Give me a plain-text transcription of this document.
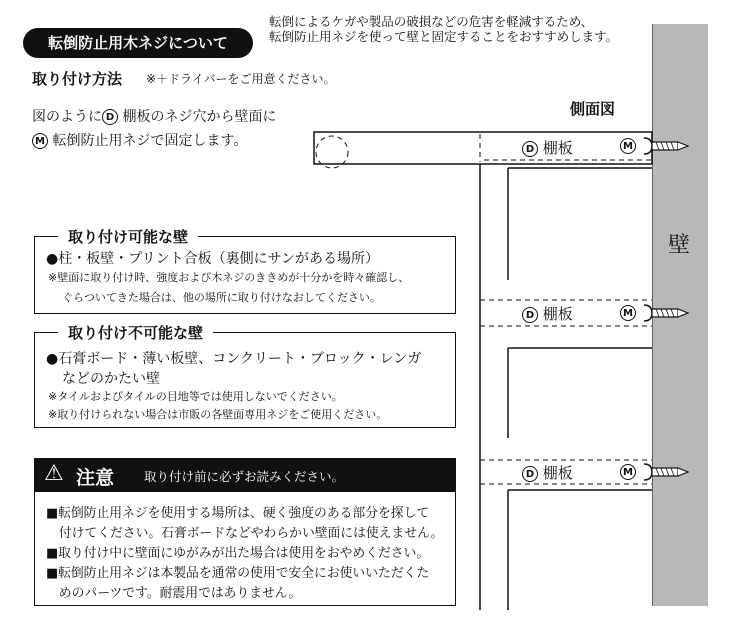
転倒防止用木ネジについて
転倒によるケガや製品の破損などの危害を軽減するため、
転倒防止用ネジを使って壁と固定することをおすすめします。
取り付け方法 ※＋ドライバーをご用意ください。
図のように D 棚板のネジ穴から壁面に
M 転倒防止用ネジで固定します。
側面図
取り付け可能な壁
●柱・板壁・プリント合板（裏側にサンがある場所）
※壁面に取り付け時、強度および木ネジのききめが十分かを時々確認し、
ぐらついてきた場合は、他の場所に取り付けなおしてください。
取り付け不可能な壁
●石膏ボード・薄い板壁、コンクリート・ブロック・レンガ
などのかたい壁
※タイルおよびタイルの目地等では使用しないでください。
※取り付けられない場合は市販の各壁面専用ネジをご使用ください。
⚠ 注意 取り付け前に必ずお読みください。
■転倒防止用ネジを使用する場所は、硬く強度のある部分を探して
　付けてください。石膏ボードなどやわらかい壁面には使えません。
■取り付け中に壁面にゆがみが出た場合は使用をおやめください。
■転倒防止用ネジは本製品を通常の使用で安全にお使いいただくた
　めのパーツです。耐震用ではありません。
壁
D 棚板
D 棚板
D 棚板
M
M
M
